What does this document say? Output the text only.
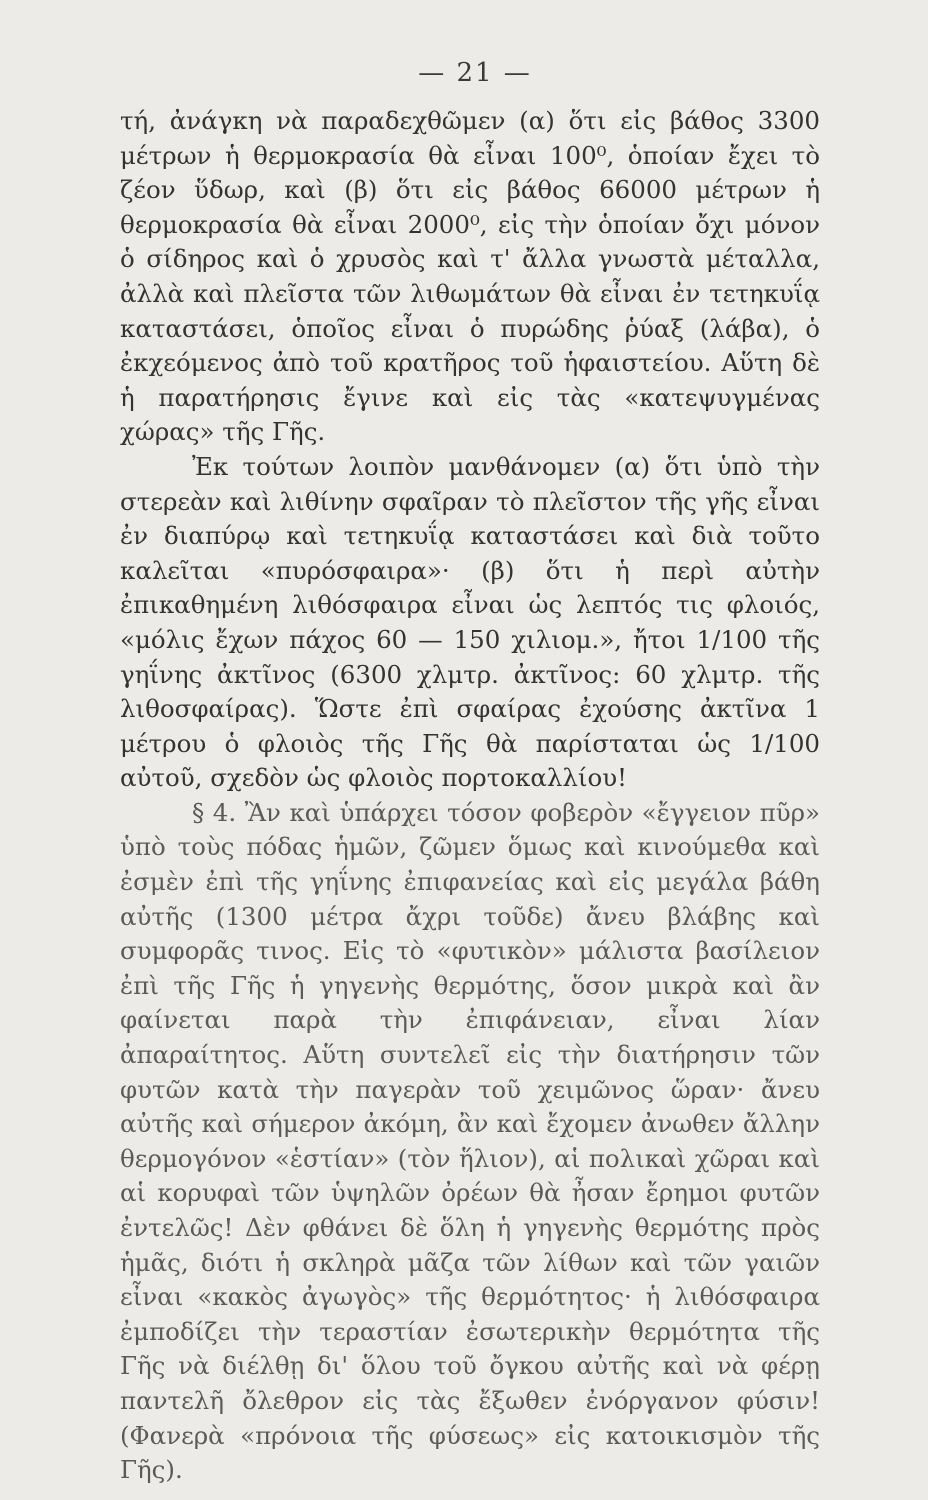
— 21 —

τή, ἀνάγκη νὰ παραδεχθῶμεν (α) ὅτι εἰς βάθος 3300 μέτρων ἡ θερμοκρασία θὰ εἶναι 100⁰, ὁποίαν ἔχει τὸ ζέον ὕδωρ, καὶ (β) ὅτι εἰς βάθος 66000 μέτρων ἡ θερμοκρασία θὰ εἶναι 2000⁰, εἰς τὴν ὁποίαν ὄχι μόνον ὁ σίδηρος καὶ ὁ χρυσὸς καὶ τ' ἄλλα γνωστὰ μέταλλα, ἀλλὰ καὶ πλεῖστα τῶν λιθωμάτων θὰ εἶναι ἐν τετηκυΐᾳ καταστάσει, ὁποῖος εἶναι ὁ πυρώδης ῥύαξ (λάβα), ὁ ἐκχεόμενος ἀπὸ τοῦ κρατῆρος τοῦ ἡφαιστείου. Αὕτη δὲ ἡ παρατήρησις ἔγινε καὶ εἰς τὰς «κατεψυγμένας χώρας» τῆς Γῆς.

Ἐκ τούτων λοιπὸν μανθάνομεν (α) ὅτι ὑπὸ τὴν στερεὰν καὶ λιθίνην σφαῖραν τὸ πλεῖστον τῆς γῆς εἶναι ἐν διαπύρῳ καὶ τετηκυΐᾳ καταστάσει καὶ διὰ τοῦτο καλεῖται «πυρόσφαιρα»· (β) ὅτι ἡ περὶ αὐτὴν ἐπικαθημένη λιθόσφαιρα εἶναι ὡς λεπτός τις φλοιός, «μόλις ἔχων πάχος 60 — 150 χιλιομ.», ἤτοι 1/100 τῆς γηΐνης ἀκτῖνος (6300 χλμτρ. ἀκτῖνος: 60 χλμτρ. τῆς λιθοσφαίρας). Ὥστε ἐπὶ σφαίρας ἐχούσης ἀκτῖνα 1 μέτρου ὁ φλοιὸς τῆς Γῆς θὰ παρίσταται ὡς 1/100 αὐτοῦ, σχεδὸν ὡς φλοιὸς πορτοκαλλίου!

§ 4. Ἂν καὶ ὑπάρχει τόσον φοβερὸν «ἔγγειον πῦρ» ὑπὸ τοὺς πόδας ἡμῶν, ζῶμεν ὅμως καὶ κινούμεθα καὶ ἐσμὲν ἐπὶ τῆς γηΐνης ἐπιφανείας καὶ εἰς μεγάλα βάθη αὐτῆς (1300 μέτρα ἄχρι τοῦδε) ἄνευ βλάβης καὶ συμφορᾶς τινος. Εἰς τὸ «φυτικὸν» μάλιστα βασίλειον ἐπὶ τῆς Γῆς ἡ γηγενὴς θερμότης, ὅσον μικρὰ καὶ ἂν φαίνεται παρὰ τὴν ἐπιφάνειαν, εἶναι λίαν ἀπαραίτητος. Αὕτη συντελεῖ εἰς τὴν διατήρησιν τῶν φυτῶν κατὰ τὴν παγερὰν τοῦ χειμῶνος ὥραν· ἄνευ αὐτῆς καὶ σήμερον ἀκόμη, ἂν καὶ ἔχομεν ἀνωθεν ἄλλην θερμογόνον «ἑστίαν» (τὸν ἥλιον), αἱ πολικαὶ χῶραι καὶ αἱ κορυφαὶ τῶν ὑψηλῶν ὀρέων θὰ ἦσαν ἔρημοι φυτῶν ἐντελῶς! Δὲν φθάνει δὲ ὅλη ἡ γηγενὴς θερμότης πρὸς ἡμᾶς, διότι ἡ σκληρὰ μᾶζα τῶν λίθων καὶ τῶν γαιῶν εἶναι «κακὸς ἀγωγὸς» τῆς θερμότητος· ἡ λιθόσφαιρα ἐμποδίζει τὴν τεραστίαν ἐσωτερικὴν θερμότητα τῆς Γῆς νὰ διέλθῃ δι' ὅλου τοῦ ὄγκου αὐτῆς καὶ νὰ φέρῃ παντελῆ ὄλεθρον εἰς τὰς ἔξωθεν ἐνόργανον φύσιν! (Φανερὰ «πρόνοια τῆς φύσεως» εἰς κατοικισμὸν τῆς Γῆς).
